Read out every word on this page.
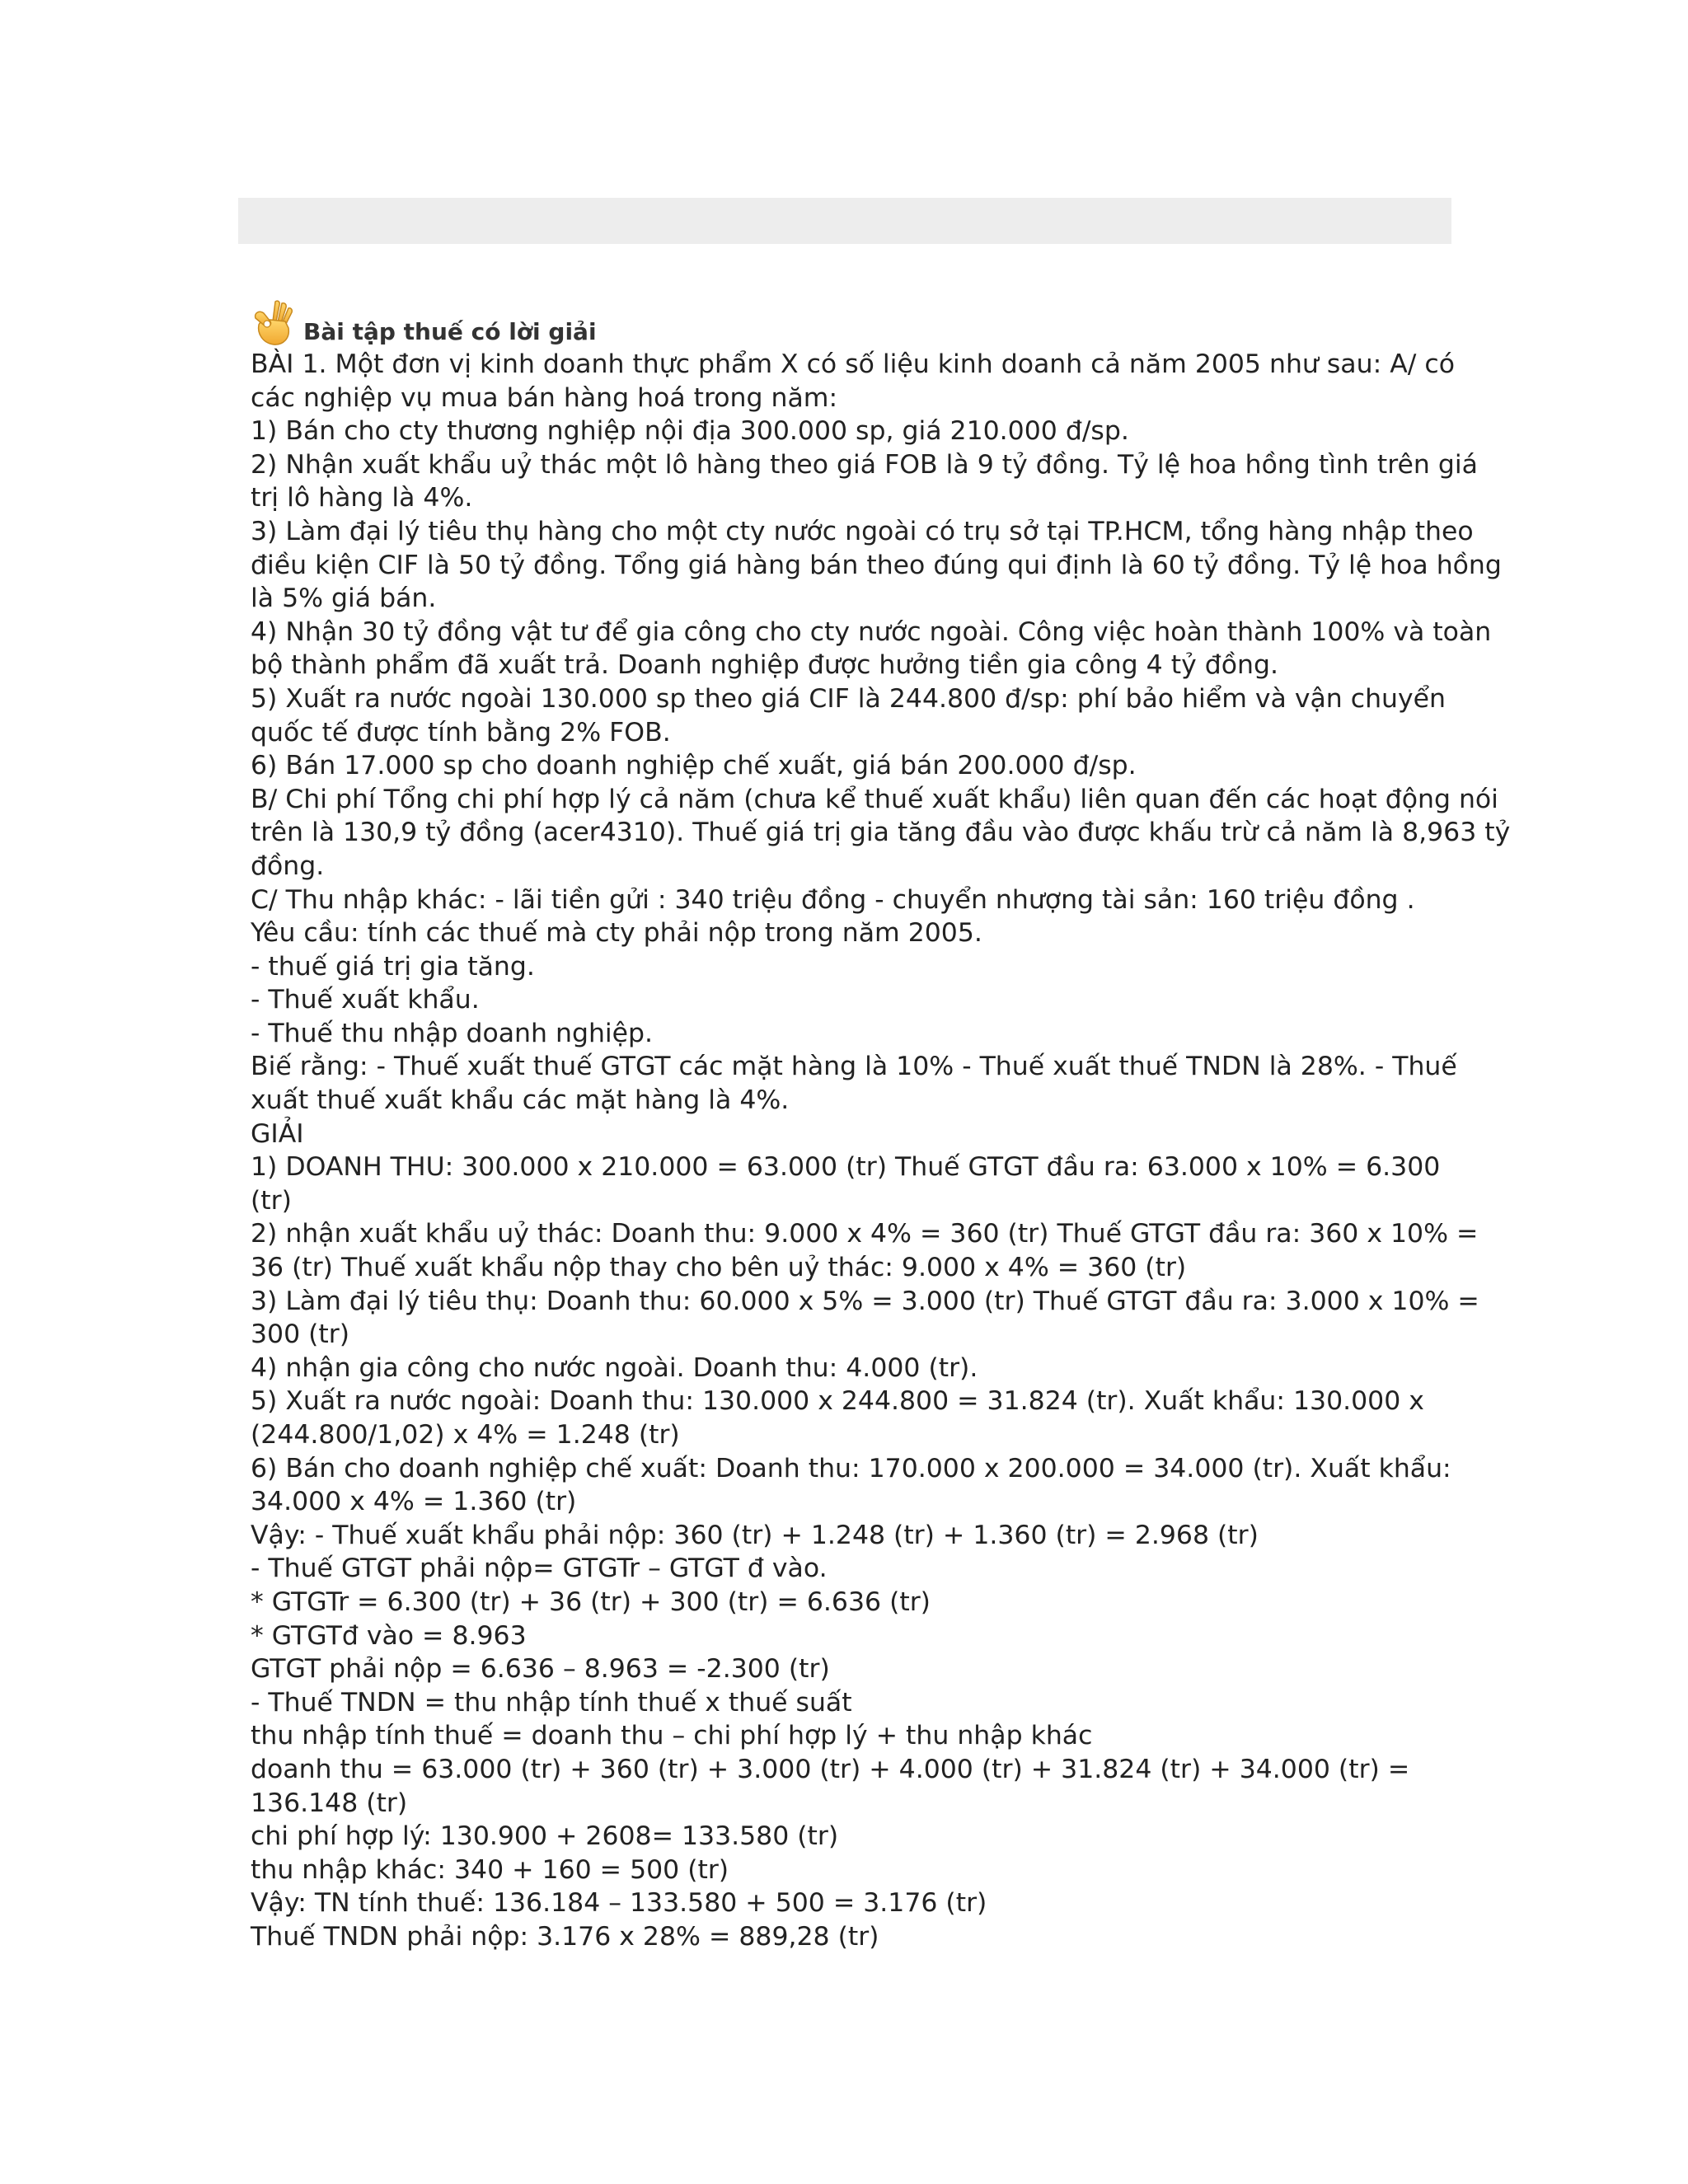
Bài tập thuế có lời giải
BÀI 1. Một đơn vị kinh doanh thực phẩm X có số liệu kinh doanh cả năm 2005 như sau: A/ có
các nghiệp vụ mua bán hàng hoá trong năm:
1) Bán cho cty thương nghiệp nội địa 300.000 sp, giá 210.000 đ/sp.
2) Nhận xuất khẩu uỷ thác một lô hàng theo giá FOB là 9 tỷ đồng. Tỷ lệ hoa hồng tình trên giá
trị lô hàng là 4%.
3) Làm đại lý tiêu thụ hàng cho một cty nước ngoài có trụ sở tại TP.HCM, tổng hàng nhập theo
điều kiện CIF là 50 tỷ đồng. Tổng giá hàng bán theo đúng qui định là 60 tỷ đồng. Tỷ lệ hoa hồng
là 5% giá bán.
4) Nhận 30 tỷ đồng vật tư để gia công cho cty nước ngoài. Công việc hoàn thành 100% và toàn
bộ thành phẩm đã xuất trả. Doanh nghiệp được hưởng tiền gia công 4 tỷ đồng.
5) Xuất ra nước ngoài 130.000 sp theo giá CIF là 244.800 đ/sp: phí bảo hiểm và vận chuyển
quốc tế được tính bằng 2% FOB.
6) Bán 17.000 sp cho doanh nghiệp chế xuất, giá bán 200.000 đ/sp.
B/ Chi phí Tổng chi phí hợp lý cả năm (chưa kể thuế xuất khẩu) liên quan đến các hoạt động nói
trên là 130,9 tỷ đồng (acer4310). Thuế giá trị gia tăng đầu vào được khấu trừ cả năm là 8,963 tỷ
đồng.
C/ Thu nhập khác: - lãi tiền gửi : 340 triệu đồng - chuyển nhượng tài sản: 160 triệu đồng .
Yêu cầu: tính các thuế mà cty phải nộp trong năm 2005.
- thuế giá trị gia tăng.
- Thuế xuất khẩu.
- Thuế thu nhập doanh nghiệp.
Biế rằng: - Thuế xuất thuế GTGT các mặt hàng là 10% - Thuế xuất thuế TNDN là 28%. - Thuế
xuất thuế xuất khẩu các mặt hàng là 4%.
GIẢI
1) DOANH THU: 300.000 x 210.000 = 63.000 (tr) Thuế GTGT đầu ra: 63.000 x 10% = 6.300
(tr)
2) nhận xuất khẩu uỷ thác: Doanh thu: 9.000 x 4% = 360 (tr) Thuế GTGT đầu ra: 360 x 10% =
36 (tr) Thuế xuất khẩu nộp thay cho bên uỷ thác: 9.000 x 4% = 360 (tr)
3) Làm đại lý tiêu thụ: Doanh thu: 60.000 x 5% = 3.000 (tr) Thuế GTGT đầu ra: 3.000 x 10% =
300 (tr)
4) nhận gia công cho nước ngoài. Doanh thu: 4.000 (tr).
5) Xuất ra nước ngoài: Doanh thu: 130.000 x 244.800 = 31.824 (tr). Xuất khẩu: 130.000 x
(244.800/1,02) x 4% = 1.248 (tr)
6) Bán cho doanh nghiệp chế xuất: Doanh thu: 170.000 x 200.000 = 34.000 (tr). Xuất khẩu:
34.000 x 4% = 1.360 (tr)
Vậy: - Thuế xuất khẩu phải nộp: 360 (tr) + 1.248 (tr) + 1.360 (tr) = 2.968 (tr)
- Thuế GTGT phải nộp= GTGTr – GTGT đ vào.
* GTGTr = 6.300 (tr) + 36 (tr) + 300 (tr) = 6.636 (tr)
* GTGTđ vào = 8.963
GTGT phải nộp = 6.636 – 8.963 = -2.300 (tr)
- Thuế TNDN = thu nhập tính thuế x thuế suất
thu nhập tính thuế = doanh thu – chi phí hợp lý + thu nhập khác
doanh thu = 63.000 (tr) + 360 (tr) + 3.000 (tr) + 4.000 (tr) + 31.824 (tr) + 34.000 (tr) =
136.148 (tr)
chi phí hợp lý: 130.900 + 2608= 133.580 (tr)
thu nhập khác: 340 + 160 = 500 (tr)
Vậy: TN tính thuế: 136.184 – 133.580 + 500 = 3.176 (tr)
Thuế TNDN phải nộp: 3.176 x 28% = 889,28 (tr)
